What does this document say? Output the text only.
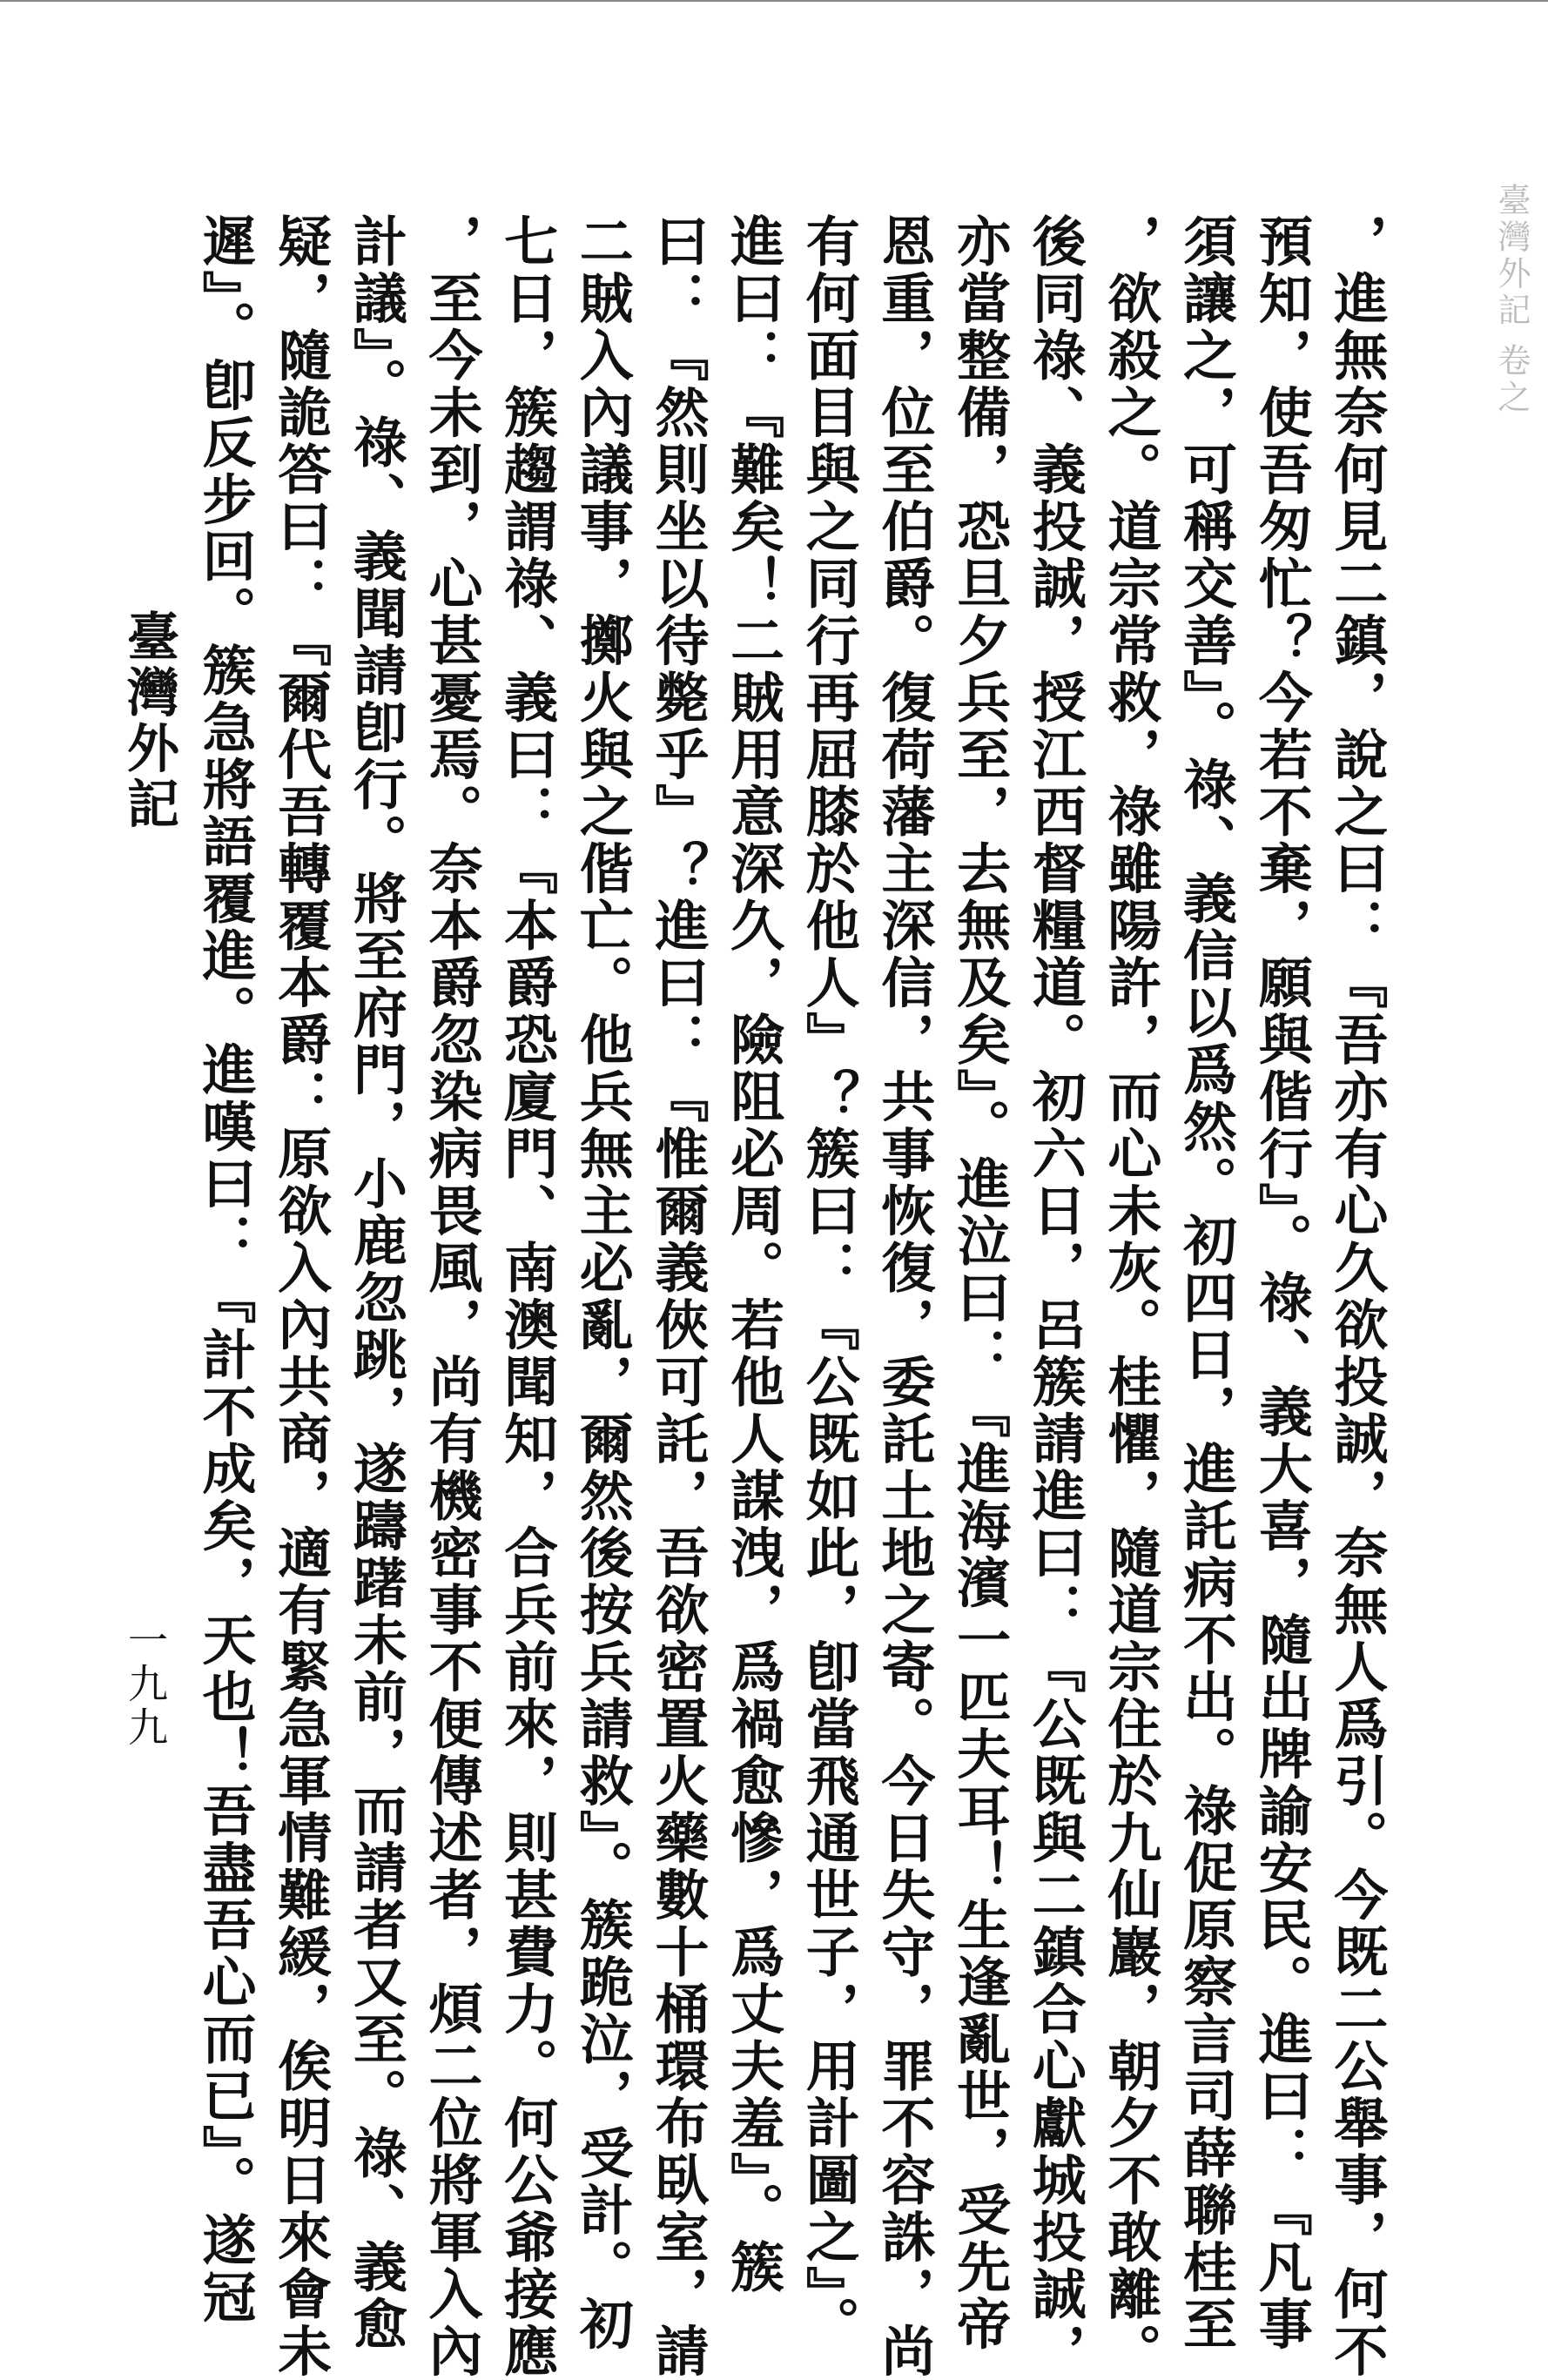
臺灣外記 卷之
，進無奈何見二鎮，說之曰：『吾亦有心久欲投誠，奈無人爲引。今既二公舉事，何不
預知，使吾匆忙？今若不棄，願與偕行』。祿、義大喜，隨出牌諭安民。進曰：『凡事
須讓之，可稱交善』。祿、義信以爲然。初四日，進託病不出。祿促原察言司薛聯桂至
，欲殺之。道宗常救，祿雖陽許，而心未灰。桂懼，隨道宗住於九仙巖，朝夕不敢離。
後同祿、義投誠，授江西督糧道。初六日，呂簇請進曰：『公既與二鎮合心獻城投誠，
亦當整備，恐旦夕兵至，去無及矣』。進泣曰：『進海濱一匹夫耳！生逢亂世，受先帝
恩重，位至伯爵。復荷藩主深信，共事恢復，委託土地之寄。今日失守，罪不容誅，尚
有何面目與之同行再屈膝於他人』？簇曰：『公既如此，卽當飛通世子，用計圖之』。
進曰：『難矣！二賊用意深久，險阻必周。若他人謀洩，爲禍愈慘，爲丈夫羞』。簇
曰：『然則坐以待斃乎』？進曰：『惟爾義俠可託，吾欲密置火藥數十桶環布臥室，請
二賊入內議事，擲火與之偕亡。他兵無主必亂，爾然後按兵請救』。簇跪泣，受計。初
七日，簇趨謂祿、義曰：『本爵恐廈門、南澳聞知，合兵前來，則甚費力。何公爺接應
，至今未到，心甚憂焉。奈本爵忽染病畏風，尚有機密事不便傳述者，煩二位將軍入內
計議』。祿、義聞請卽行。將至府門，小鹿忽跳，遂躊躇未前，而請者又至。祿、義愈
疑，隨詭答曰：『爾代吾轉覆本爵：原欲入內共商，適有緊急軍情難緩，俟明日來會未
遲』。卽反步回。簇急將語覆進。進嘆曰：『計不成矣，天也！吾盡吾心而已』。遂冠
臺灣外記
一九九
